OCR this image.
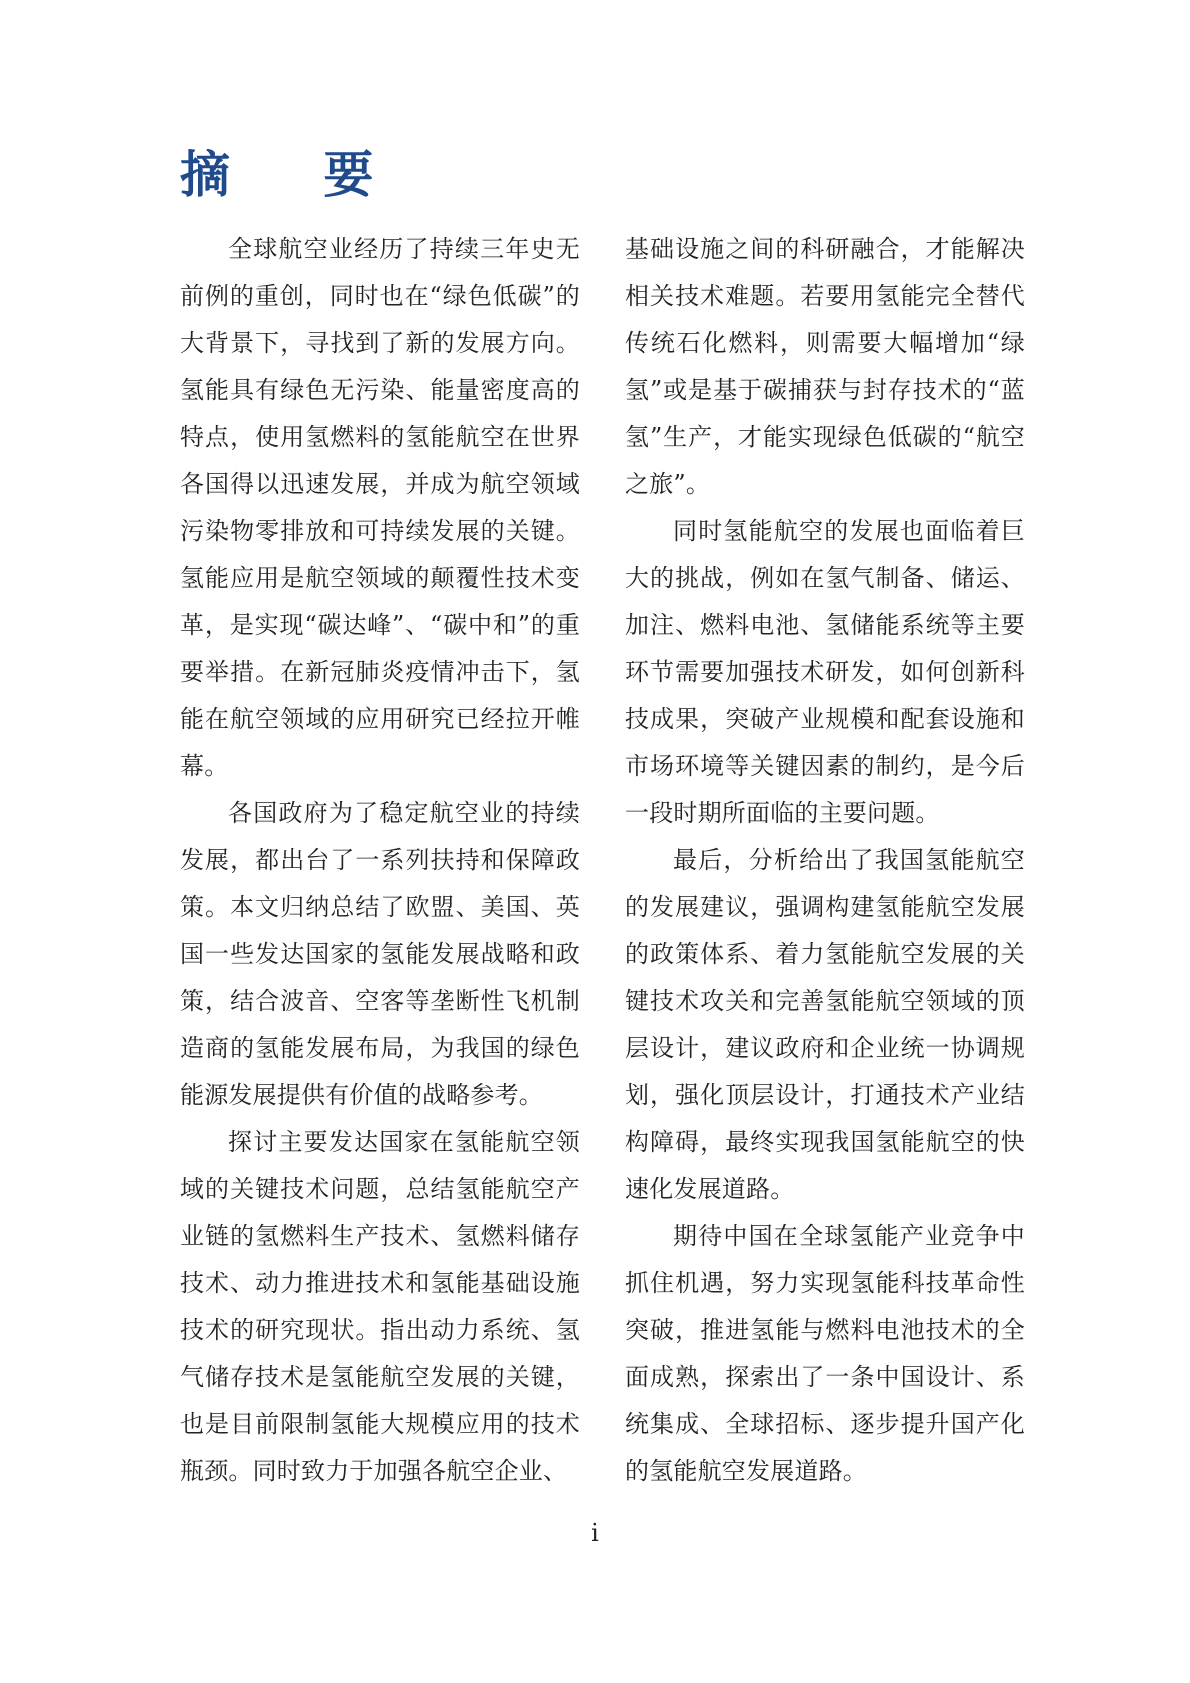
摘 要

全球航空业经历了持续三年史无前例的重创，同时也在“绿色低碳”的大背景下，寻找到了新的发展方向。氢能具有绿色无污染、能量密度高的特点，使用氢燃料的氢能航空在世界各国得以迅速发展，并成为航空领域污染物零排放和可持续发展的关键。氢能应用是航空领域的颠覆性技术变革，是实现“碳达峰”、“碳中和”的重要举措。在新冠肺炎疫情冲击下，氢能在航空领域的应用研究已经拉开帷幕。

各国政府为了稳定航空业的持续发展，都出台了一系列扶持和保障政策。本文归纳总结了欧盟、美国、英国一些发达国家的氢能发展战略和政策，结合波音、空客等垄断性飞机制造商的氢能发展布局，为我国的绿色能源发展提供有价值的战略参考。

探讨主要发达国家在氢能航空领域的关键技术问题，总结氢能航空产业链的氢燃料生产技术、氢燃料储存技术、动力推进技术和氢能基础设施技术的研究现状。指出动力系统、氢气储存技术是氢能航空发展的关键，也是目前限制氢能大规模应用的技术瓶颈。同时致力于加强各航空企业、

基础设施之间的科研融合，才能解决相关技术难题。若要用氢能完全替代传统石化燃料，则需要大幅增加“绿氢”或是基于碳捕获与封存技术的“蓝氢”生产，才能实现绿色低碳的“航空之旅”。

同时氢能航空的发展也面临着巨大的挑战，例如在氢气制备、储运、加注、燃料电池、氢储能系统等主要环节需要加强技术研发，如何创新科技成果，突破产业规模和配套设施和市场环境等关键因素的制约，是今后一段时期所面临的主要问题。

最后，分析给出了我国氢能航空的发展建议，强调构建氢能航空发展的政策体系、着力氢能航空发展的关键技术攻关和完善氢能航空领域的顶层设计，建议政府和企业统一协调规划，强化顶层设计，打通技术产业结构障碍，最终实现我国氢能航空的快速化发展道路。

期待中国在全球氢能产业竞争中抓住机遇，努力实现氢能科技革命性突破，推进氢能与燃料电池技术的全面成熟，探索出了一条中国设计、系统集成、全球招标、逐步提升国产化的氢能航空发展道路。

i
